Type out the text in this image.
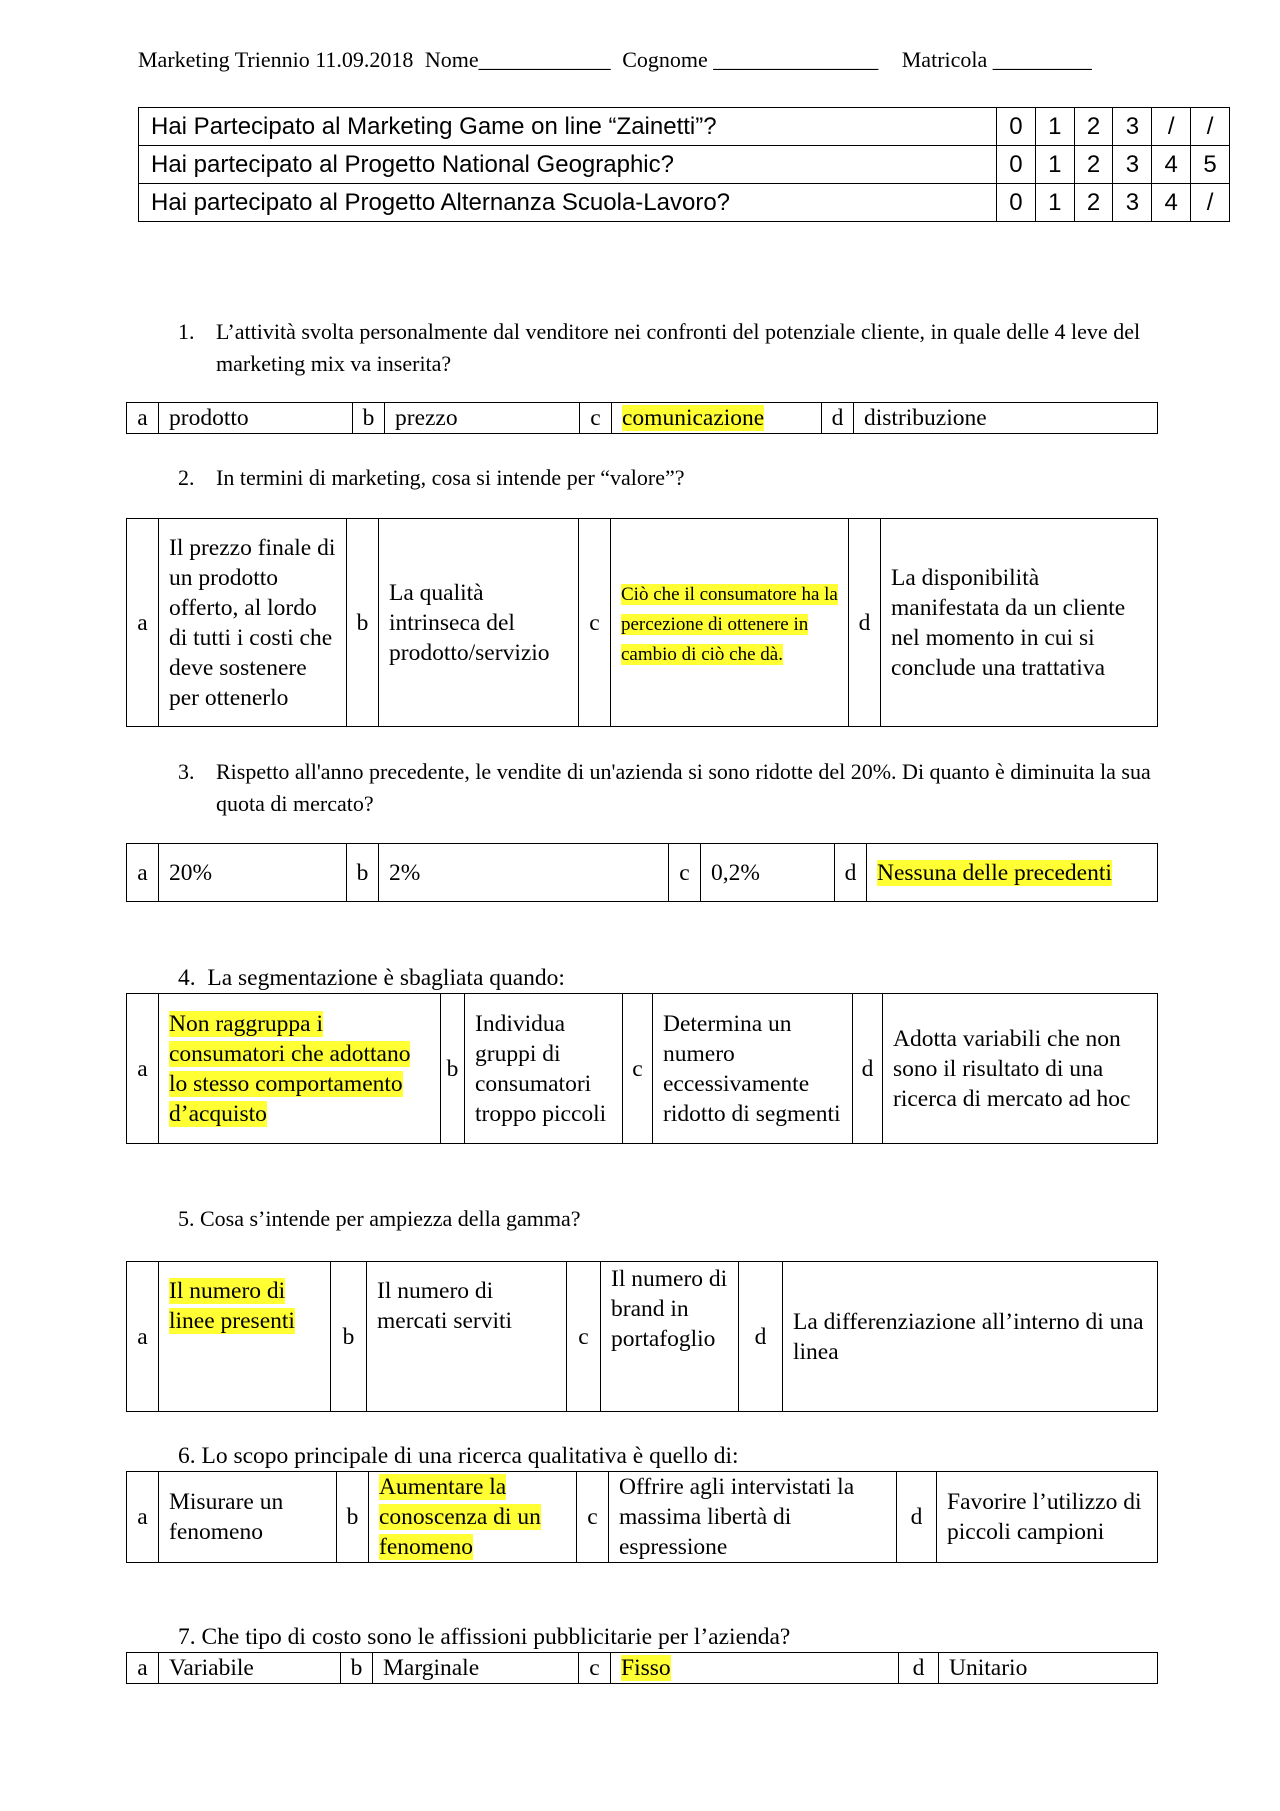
Marketing Triennio 11.09.2018 Nome____________ Cognome _______________ Matricola _________
Hai Partecipato al Marketing Game on line “Zainetti”?	0	1	2	3	/	/
Hai partecipato al Progetto National Geographic?	0	1	2	3	4	5
Hai partecipato al Progetto Alternanza Scuola-Lavoro?	0	1	2	3	4	/
1. L’attività svolta personalmente dal venditore nei confronti del potenziale cliente, in quale delle 4 leve del marketing mix va inserita?
a	prodotto	b	prezzo	c	comunicazione	d	distribuzione
2. In termini di marketing, cosa si intende per “valore”?
a	Il prezzo finale di un prodotto offerto, al lordo di tutti i costi che deve sostenere per ottenerlo	b	La qualità intrinseca del prodotto/servizio	c	Ciò che il consumatore ha la percezione di ottenere in cambio di ciò che dà.	d	La disponibilità manifestata da un cliente nel momento in cui si conclude una trattativa
3. Rispetto all'anno precedente, le vendite di un'azienda si sono ridotte del 20%. Di quanto è diminuita la sua quota di mercato?
a	20%	b	2%	c	0,2%	d	Nessuna delle precedenti
4. La segmentazione è sbagliata quando:
a	Non raggruppa i consumatori che adottano lo stesso comportamento d’acquisto	b	Individua gruppi di consumatori troppo piccoli	c	Determina un numero eccessivamente ridotto di segmenti	d	Adotta variabili che non sono il risultato di una ricerca di mercato ad hoc
5. Cosa s’intende per ampiezza della gamma?
a	Il numero di linee presenti	b	Il numero di mercati serviti	c	Il numero di brand in portafoglio	d	La differenziazione all’interno di una linea
6. Lo scopo principale di una ricerca qualitativa è quello di:
a	Misurare un fenomeno	b	Aumentare la conoscenza di un fenomeno	c	Offrire agli intervistati la massima libertà di espressione	d	Favorire l’utilizzo di piccoli campioni
7. Che tipo di costo sono le affissioni pubblicitarie per l’azienda?
a	Variabile	b	Marginale	c	Fisso	d	Unitario
